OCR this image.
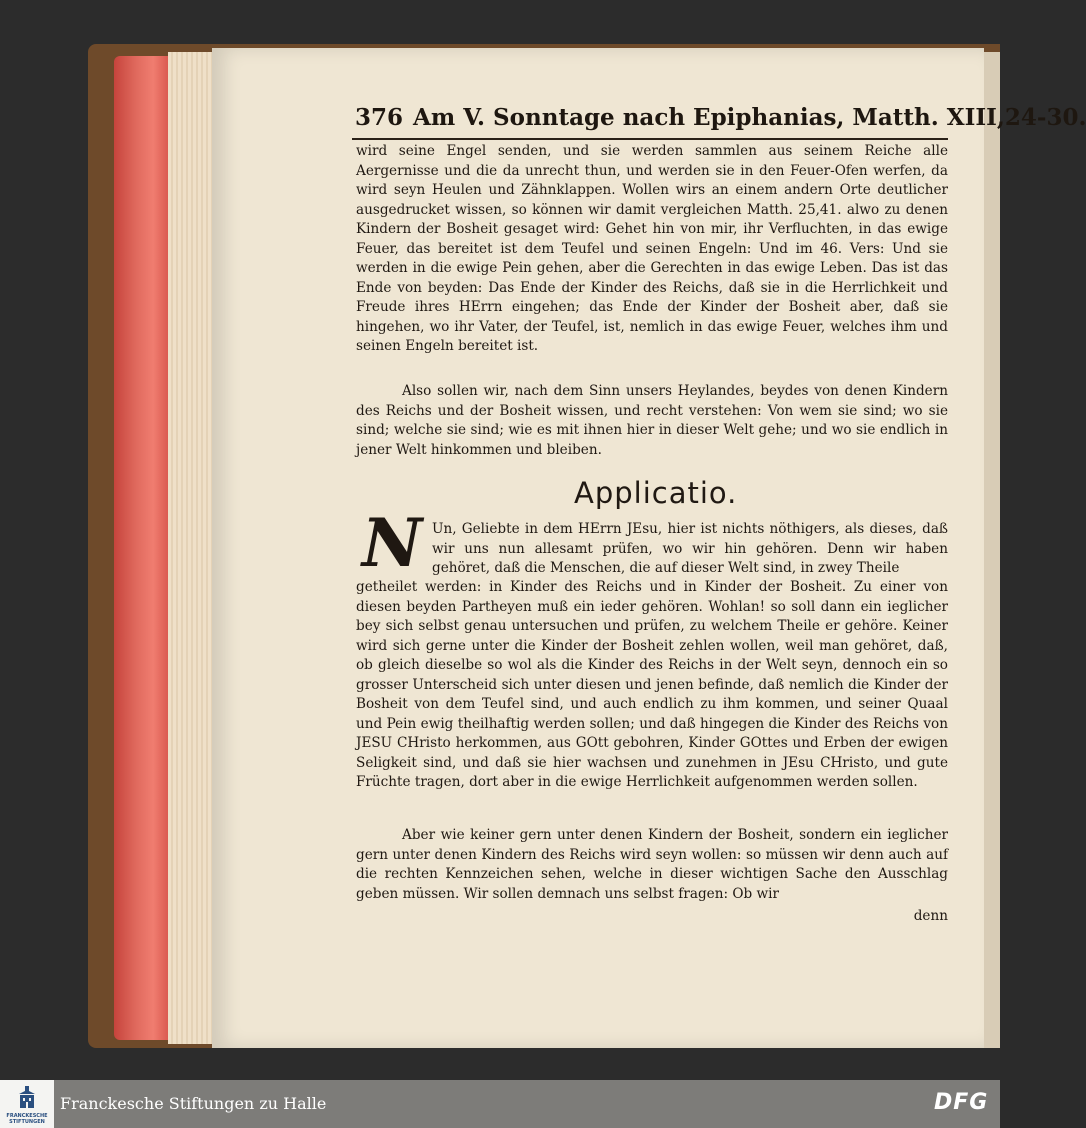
376 Am V. Sonntage nach Epiphanias, Matth. XIII,24-30.

wird seine Engel senden, und sie werden sammlen aus seinem Reiche alle Aergernisse und die da unrecht thun, und werden sie in den Feuer-Ofen werfen, da wird seyn Heulen und Zähnklappen. Wollen wirs an einem andern Orte deutlicher ausgedrucket wissen, so können wir damit vergleichen Matth. 25,41. alwo zu denen Kindern der Bosheit gesaget wird: Gehet hin von mir, ihr Verfluchten, in das ewige Feuer, das bereitet ist dem Teufel und seinen Engeln: Und im 46. Vers: Und sie werden in die ewige Pein gehen, aber die Gerechten in das ewige Leben. Das ist das Ende von beyden: Das Ende der Kinder des Reichs, daß sie in die Herrlichkeit und Freude ihres HErrn eingehen; das Ende der Kinder der Bosheit aber, daß sie hingehen, wo ihr Vater, der Teufel, ist, nemlich in das ewige Feuer, welches ihm und seinen Engeln bereitet ist.

Also sollen wir, nach dem Sinn unsers Heylandes, beydes von denen Kindern des Reichs und der Bosheit wissen, und recht verstehen: Von wem sie sind; wo sie sind; welche sie sind; wie es mit ihnen hier in dieser Welt gehe; und wo sie endlich in jener Welt hinkommen und bleiben.

Applicatio.
N Un, Geliebte in dem HErrn JEsu, hier ist nichts nöthigers, als dieses, daß wir uns nun allesamt prüfen, wo wir hin gehören. Denn wir haben gehöret, daß die Menschen, die auf dieser Welt sind, in zwey Theile

getheilet werden: in Kinder des Reichs und in Kinder der Bosheit. Zu einer von diesen beyden Partheyen muß ein ieder gehören. Wohlan! so soll dann ein ieglicher bey sich selbst genau untersuchen und prüfen, zu welchem Theile er gehöre. Keiner wird sich gerne unter die Kinder der Bosheit zehlen wollen, weil man gehöret, daß, ob gleich dieselbe so wol als die Kinder des Reichs in der Welt seyn, dennoch ein so grosser Unterscheid sich unter diesen und jenen befinde, daß nemlich die Kinder der Bosheit von dem Teufel sind, und auch endlich zu ihm kommen, und seiner Quaal und Pein ewig theilhaftig werden sollen; und daß hingegen die Kinder des Reichs von JESU CHristo herkommen, aus GOtt gebohren, Kinder GOttes und Erben der ewigen Seligkeit sind, und daß sie hier wachsen und zunehmen in JEsu CHristo, und gute Früchte tragen, dort aber in die ewige Herrlichkeit aufgenommen werden sollen.

Aber wie keiner gern unter denen Kindern der Bosheit, sondern ein ieglicher gern unter denen Kindern des Reichs wird seyn wollen: so müssen wir denn auch auf die rechten Kennzeichen sehen, welche in dieser wichtigen Sache den Ausschlag geben müssen. Wir sollen demnach uns selbst fragen: Ob wir

denn
FRANCKESCHE STIFTUNGEN
Franckesche Stiftungen zu Halle	DFG
